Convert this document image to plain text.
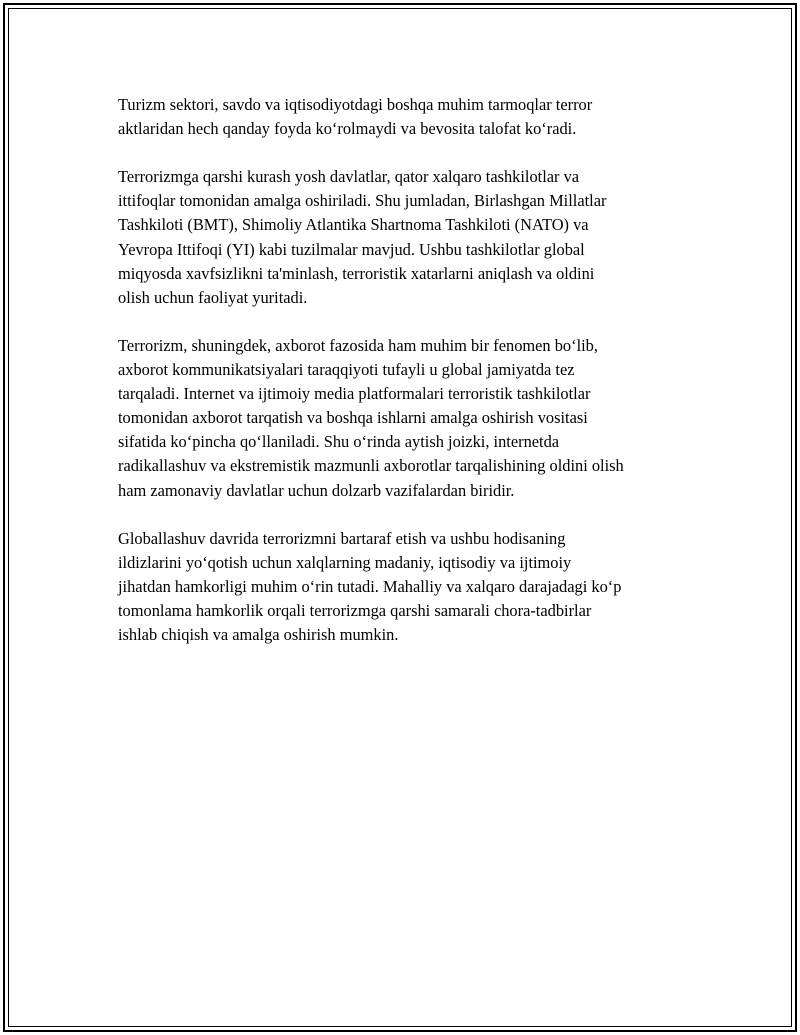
Turizm sektori, savdo va iqtisodiyotdagi boshqa muhim tarmoqlar terror
aktlaridan hech qanday foyda ko‘rolmaydi va bevosita talofat ko‘radi.

Terrorizmga qarshi kurash yosh davlatlar, qator xalqaro tashkilotlar va
ittifoqlar tomonidan amalga oshiriladi. Shu jumladan, Birlashgan Millatlar
Tashkiloti (BMT), Shimoliy Atlantika Shartnoma Tashkiloti (NATO) va
Yevropa Ittifoqi (YI) kabi tuzilmalar mavjud. Ushbu tashkilotlar global
miqyosda xavfsizlikni ta'minlash, terroristik xatarlarni aniqlash va oldini
olish uchun faoliyat yuritadi.

Terrorizm, shuningdek, axborot fazosida ham muhim bir fenomen bo‘lib,
axborot kommunikatsiyalari taraqqiyoti tufayli u global jamiyatda tez
tarqaladi. Internet va ijtimoiy media platformalari terroristik tashkilotlar
tomonidan axborot tarqatish va boshqa ishlarni amalga oshirish vositasi
sifatida ko‘pincha qo‘llaniladi. Shu o‘rinda aytish joizki, internetda
radikallashuv va ekstremistik mazmunli axborotlar tarqalishining oldini olish
ham zamonaviy davlatlar uchun dolzarb vazifalardan biridir.

Globallashuv davrida terrorizmni bartaraf etish va ushbu hodisaning
ildizlarini yo‘qotish uchun xalqlarning madaniy, iqtisodiy va ijtimoiy
jihatdan hamkorligi muhim o‘rin tutadi. Mahalliy va xalqaro darajadagi ko‘p
tomonlama hamkorlik orqali terrorizmga qarshi samarali chora-tadbirlar
ishlab chiqish va amalga oshirish mumkin.
